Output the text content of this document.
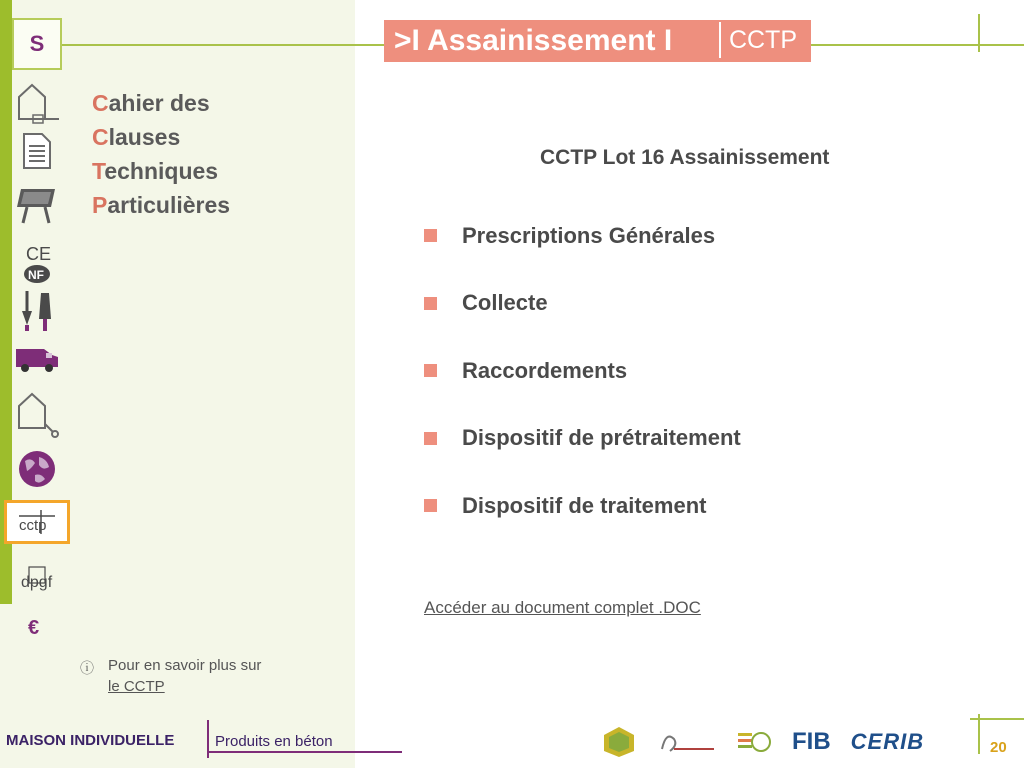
S	>I Assainissement I	CCTP
CE
NF
cctp
dpgf
€
Cahier des
Clauses
Techniques
Particulières
CCTP Lot 16 Assainissement
Prescriptions Générales
Collecte
Raccordements
Dispositif de prétraitement
Dispositif de traitement
Accéder au document complet .DOC
ⓘ Pour en savoir plus sur
le CCTP
MAISON INDIVIDUELLE	Produits en béton	FIB CERIB	20
